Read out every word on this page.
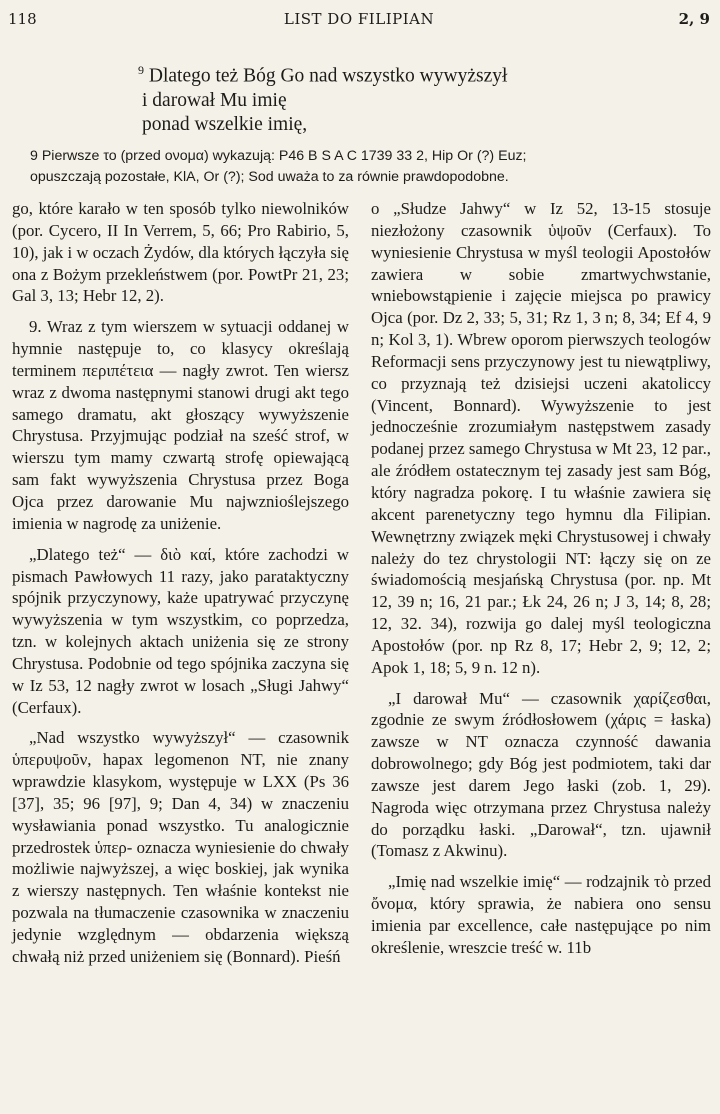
118	LIST DO FILIPIAN	2, 9
$^9$ Dlatego też Bóg Go nad wszystko wywyższył
i darował Mu imię
ponad wszelkie imię,
9 Pierwsze το (przed ονομα) wykazują: P46 B S A C 1739 33 2, Hip Or (?) Euz;
opuszczają pozostałe, KlA, Or (?); Sod uważa to za równie prawdopodobne.

go, które karało w ten sposób tylko niewolników (por. Cycero, II In Verrem, 5, 66; Pro Rabirio, 5, 10), jak i w oczach Żydów, dla których łączyła się ona z Bożym przekleństwem (por. PowtPr 21, 23; Gal 3, 13; Hebr 12, 2).

9. Wraz z tym wierszem w sytuacji oddanej w hymnie następuje to, co klasycy określają terminem περιπέτεια — nagły zwrot. Ten wiersz wraz z dwoma następnymi stanowi drugi akt tego samego dramatu, akt głoszący wywyższenie Chrystusa. Przyjmując podział na sześć strof, w wierszu tym mamy czwartą strofę opiewającą sam fakt wywyższenia Chrystusa przez Boga Ojca przez darowanie Mu najwznioślejszego imienia w nagrodę za uniżenie.

„Dlatego też“ — διὸ καί, które zachodzi w pismach Pawłowych 11 razy, jako parataktyczny spójnik przyczynowy, każe upatrywać przyczynę wywyższenia w tym wszystkim, co poprzedza, tzn. w kolejnych aktach uniżenia się ze strony Chrystusa. Podobnie od tego spójnika zaczyna się w Iz 53, 12 nagły zwrot w losach „Sługi Jahwy“ (Cerfaux).

„Nad wszystko wywyższył“ — czasownik ὑπερυψοῦν, hapax legomenon NT, nie znany wprawdzie klasykom, występuje w LXX (Ps 36 [37], 35; 96 [97], 9; Dan 4, 34) w znaczeniu wysławiania ponad wszystko. Tu analogicznie przedrostek ὑπερ- oznacza wyniesienie do chwały możliwie najwyższej, a więc boskiej, jak wynika z wierszy następnych. Ten właśnie kontekst nie pozwala na tłumaczenie czasownika w znaczeniu jedynie względnym — obdarzenia większą chwałą niż przed uniżeniem się (Bonnard). Pieśń

o „Słudze Jahwy“ w Iz 52, 13-15 stosuje niezłożony czasownik ὑψοῦν (Cerfaux). To wyniesienie Chrystusa w myśl teologii Apostołów zawiera w sobie zmartwychwstanie, wniebowstąpienie i zajęcie miejsca po prawicy Ojca (por. Dz 2, 33; 5, 31; Rz 1, 3 n; 8, 34; Ef 4, 9 n; Kol 3, 1). Wbrew oporom pierwszych teologów Reformacji sens przyczynowy jest tu niewątpliwy, co przyznają też dzisiejsi uczeni akatoliccy (Vincent, Bonnard). Wywyższenie to jest jednocześnie zrozumiałym następstwem zasady podanej przez samego Chrystusa w Mt 23, 12 par., ale źródłem ostatecznym tej zasady jest sam Bóg, który nagradza pokorę. I tu właśnie zawiera się akcent parenetyczny tego hymnu dla Filipian. Wewnętrzny związek męki Chrystusowej i chwały należy do tez chrystologii NT: łączy się on ze świadomością mesjańską Chrystusa (por. np. Mt 12, 39 n; 16, 21 par.; Łk 24, 26 n; J 3, 14; 8, 28; 12, 32. 34), rozwija go dalej myśl teologiczna Apostołów (por. np Rz 8, 17; Hebr 2, 9; 12, 2; Apok 1, 18; 5, 9 n. 12 n).

„I darował Mu“ — czasownik χαρίζεσθαι, zgodnie ze swym źródłosłowem (χάρις = łaska) zawsze w NT oznacza czynność dawania dobrowolnego; gdy Bóg jest podmiotem, taki dar zawsze jest darem Jego łaski (zob. 1, 29). Nagroda więc otrzymana przez Chrystusa należy do porządku łaski. „Darował“, tzn. ujawnił (Tomasz z Akwinu).

„Imię nad wszelkie imię“ — rodzajnik τὸ przed ὄνομα, który sprawia, że nabiera ono sensu imienia par excellence, całe następujące po nim określenie, wreszcie treść w. 11b
